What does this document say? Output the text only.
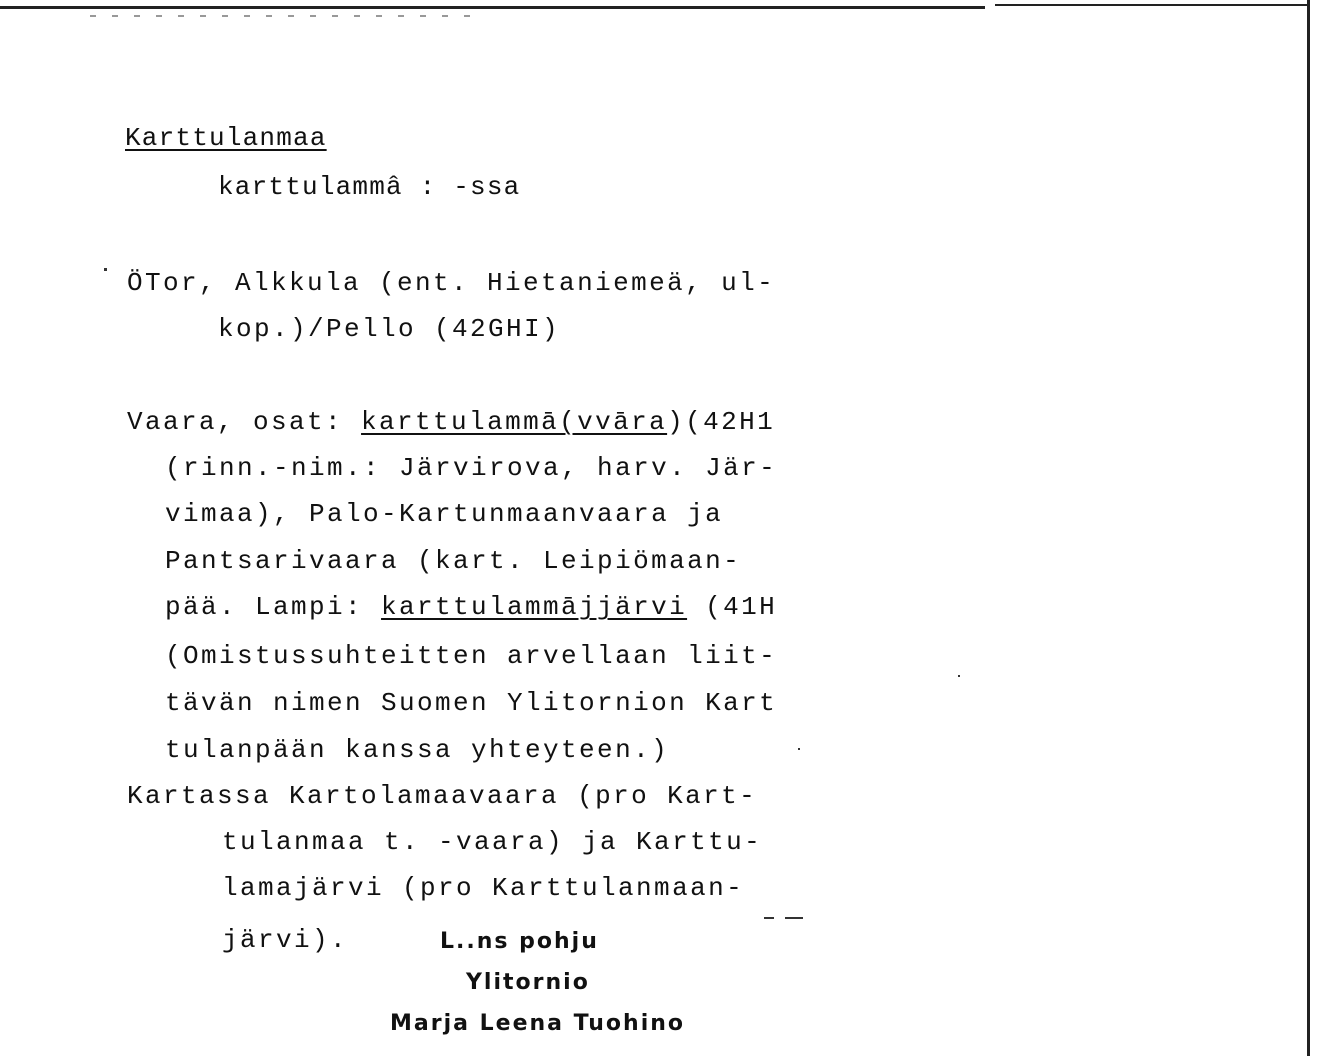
Karttulanmaa
karttulammâ : -ssa
ÖTor, Alkkula (ent. Hietaniemeä, ul-
kop.)/Pello (42GHI)
Vaara, osat: karttulammā(vvāra)(42H1
(rinn.-nim.: Järvirova, harv. Jär-
vimaa), Palo-Kartunmaanvaara ja
Pantsarivaara (kart. Leipiömaan-
pää. Lampi: karttulammājjärvi (41H
(Omistussuhteitten arvellaan liit-
tävän nimen Suomen Ylitornion Kart
tulanpään kanssa yhteyteen.)
Kartassa Kartolamaavaara (pro Kart-
tulanmaa t. -vaara) ja Karttu-
lamajärvi (pro Karttulanmaan-
järvi).	L..ns pohju
Ylitornio
Marja Leena Tuohino
